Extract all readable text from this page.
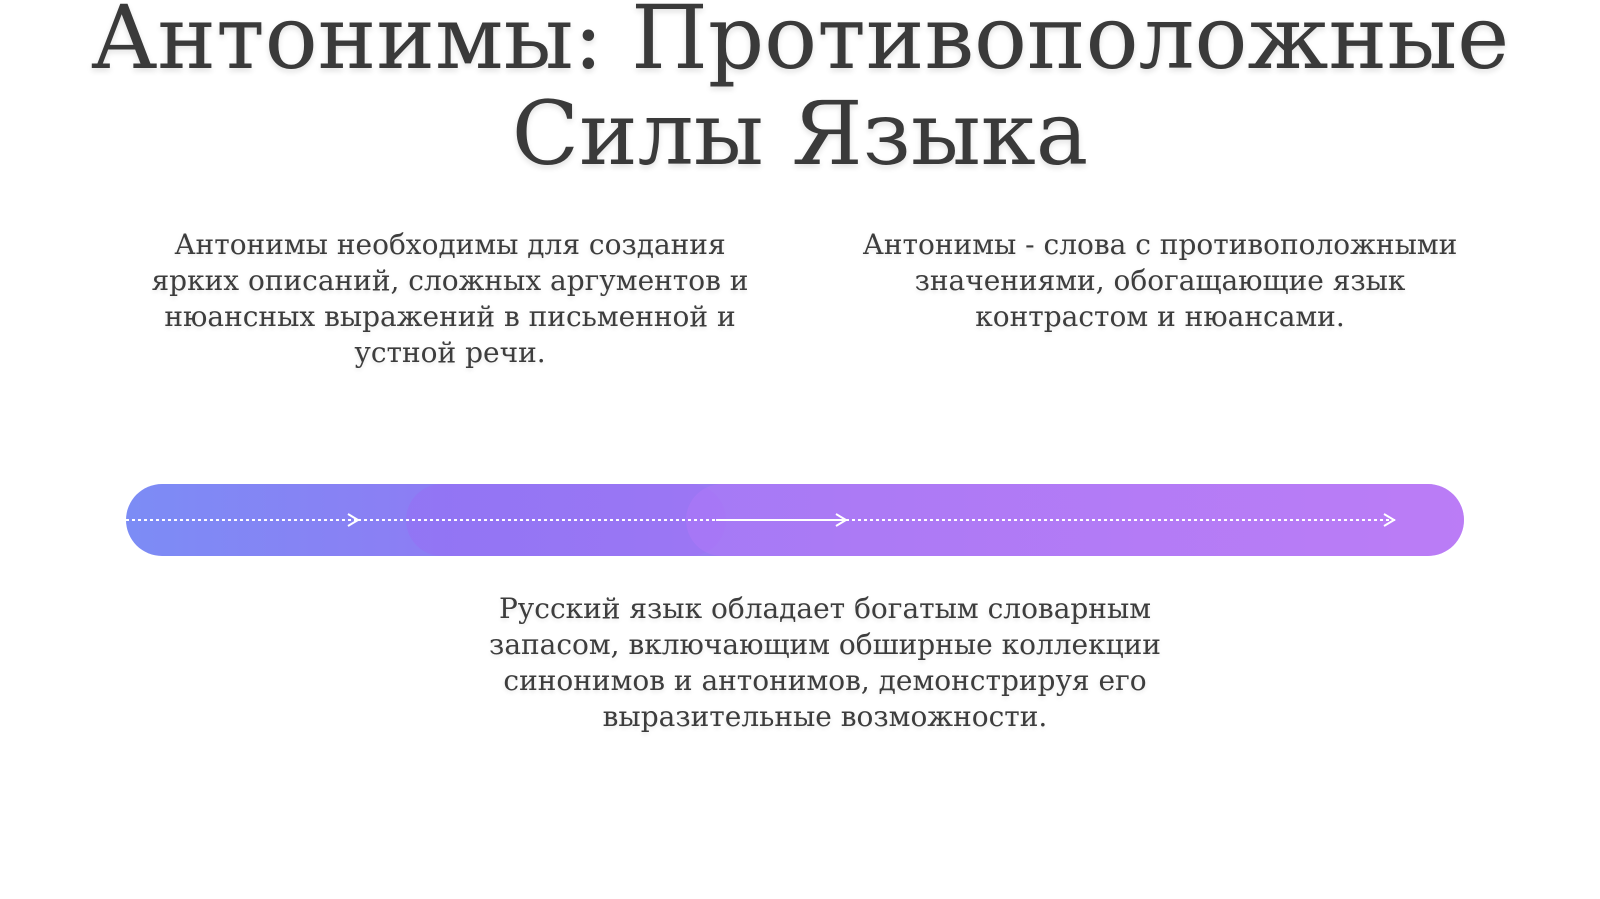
Антонимы: Противоположные Силы Языка
Антонимы необходимы для создания ярких описаний, сложных аргументов и нюансных выражений в письменной и устной речи.
Антонимы - слова с противоположными значениями, обогащающие язык контрастом и нюансами.
Русский язык обладает богатым словарным запасом, включающим обширные коллекции синонимов и антонимов, демонстрируя его выразительные возможности.
